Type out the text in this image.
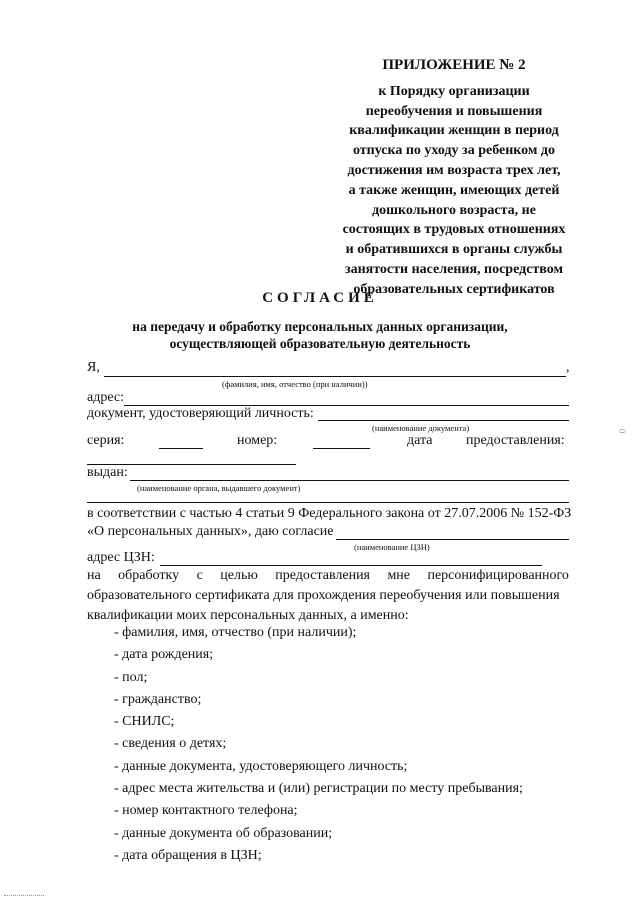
ПРИЛОЖЕНИЕ № 2
к Порядку организации
переобучения и повышения
квалификации женщин в период
отпуска по уходу за ребенком до
достижения им возраста трех лет,
а также женщин, имеющих детей
дошкольного возраста, не
состоящих в трудовых отношениях
и обратившихся в органы службы
занятости населения, посредством
образовательных сертификатов
СОГЛАСИЕ
на передачу и обработку персональных данных организации,
осуществляющей образовательную деятельность
Я,	,
(фамилия, имя, отчество (при наличии))
адрес:
документ, удостоверяющий личность:
(наименование документа)
серия:	номер:	дата предоставления:
выдан:
(наименование органа, выдавшего документ)
в соответствии с частью 4 статьи 9 Федерального закона от 27.07.2006 № 152-ФЗ
«О персональных данных», даю согласие
(наименование ЦЗН)
адрес ЦЗН:
на обработку с целью предоставления мне персонифицированного
образовательного сертификата для прохождения переобучения или повышения
квалификации моих персональных данных, а именно:
- фамилия, имя, отчество (при наличии);
- дата рождения;
- пол;
- гражданство;
- СНИЛС;
- сведения о детях;
- данные документа, удостоверяющего личность;
- адрес места жительства и (или) регистрации по месту пребывания;
- номер контактного телефона;
- данные документа об образовании;
- дата обращения в ЦЗН;
0
